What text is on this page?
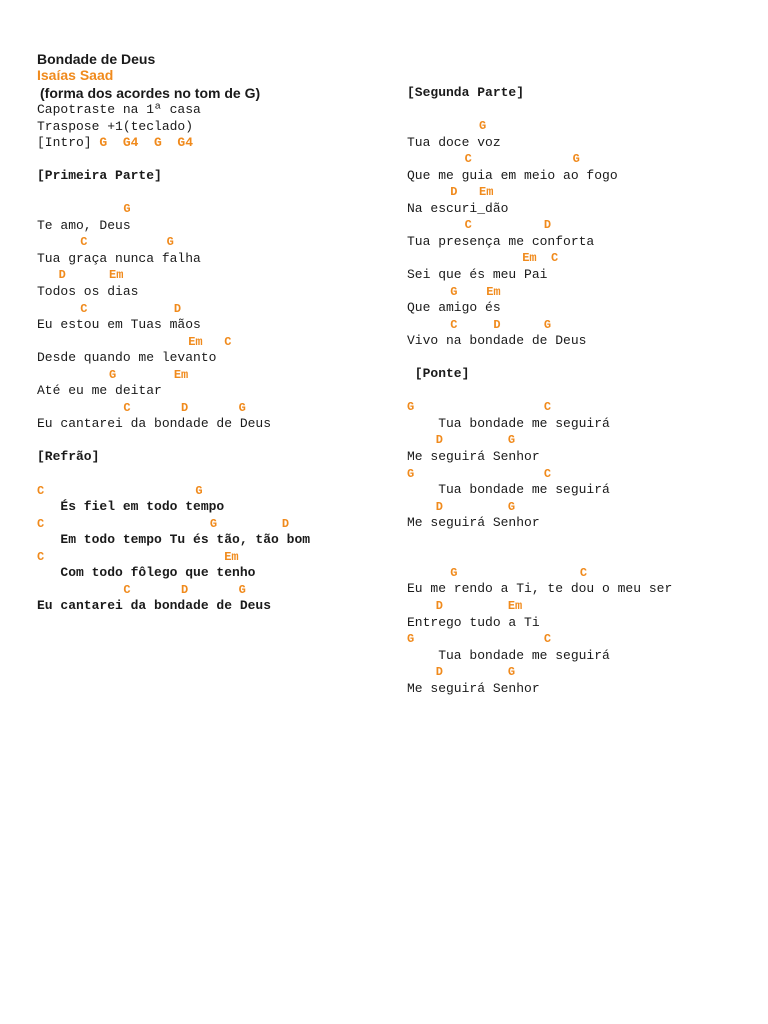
Bondade de Deus
Isaías Saad
(forma dos acordes no tom de G)
Capotraste na 1ª casa
Traspose +1(teclado)
[Intro] G  G4  G  G4
[Primeira Parte]
G
Te amo, Deus
C           G
Tua graça nunca falha
D      Em
Todos os dias
C            D
Eu estou em Tuas mãos
Em   C
Desde quando me levanto
G        Em
Até eu me deitar
C       D       G
Eu cantarei da bondade de Deus
[Refrão]
C                     G
És fiel em todo tempo
C                       G         D
Em todo tempo Tu és tão, tão bom
C                         Em
Com todo fôlego que tenho
C       D       G
Eu cantarei da bondade de Deus
[Segunda Parte]
G
Tua doce voz
C              G
Que me guia em meio ao fogo
D   Em
Na escuri_dão
C          D
Tua presença me conforta
Em  C
Sei que és meu Pai
G    Em
Que amigo és
C     D      G
Vivo na bondade de Deus
[Ponte]
G                  C
Tua bondade me seguirá
D         G
Me seguirá Senhor
G                  C
Tua bondade me seguirá
D         G
Me seguirá Senhor
G                 C
Eu me rendo a Ti, te dou o meu ser
D         Em
Entrego tudo a Ti
G                  C
Tua bondade me seguirá
D         G
Me seguirá Senhor
